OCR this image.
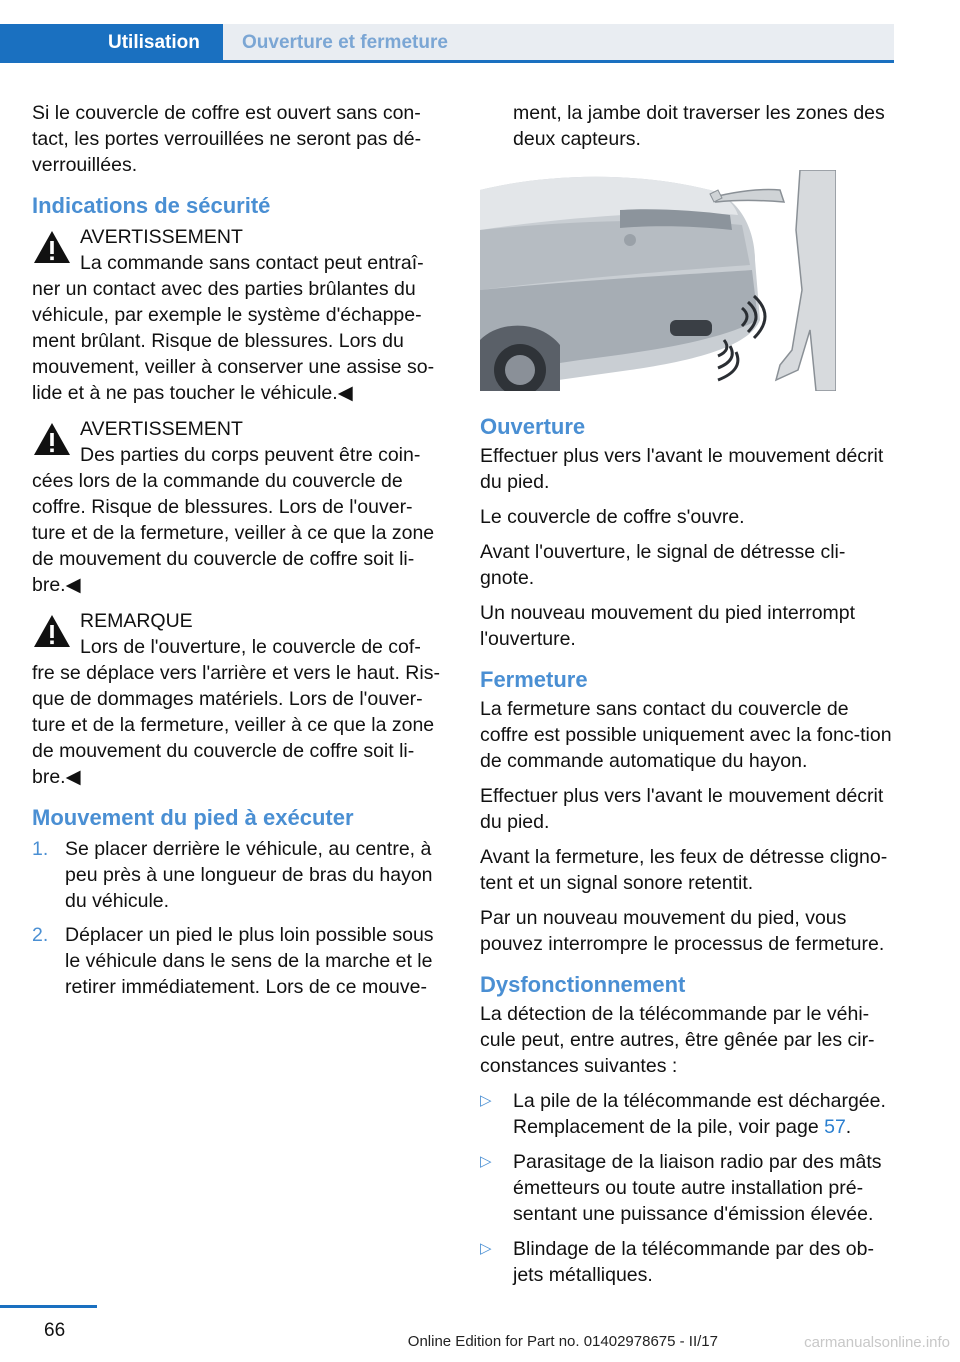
Utilisation	Ouverture et fermeture

Si le couvercle de coffre est ouvert sans con‐tact, les portes verrouillées ne seront pas dé‐verrouillées.

Indications de sécurité
AVERTISSEMENT
La commande sans contact peut entraî‐
ner un contact avec des parties brûlantes du véhicule, par exemple le système d'échappe‐ment brûlant. Risque de blessures. Lors du mouvement, veiller à conserver une assise so‐lide et à ne pas toucher le véhicule.◀
AVERTISSEMENT
Des parties du corps peuvent être coin‐
cées lors de la commande du couvercle de coffre. Risque de blessures. Lors de l'ouver‐ture et de la fermeture, veiller à ce que la zone de mouvement du couvercle de coffre soit li‐bre.◀
REMARQUE
Lors de l'ouverture, le couvercle de cof‐
fre se déplace vers l'arrière et vers le haut. Ris‐que de dommages matériels. Lors de l'ouver‐ture et de la fermeture, veiller à ce que la zone de mouvement du couvercle de coffre soit li‐bre.◀
Mouvement du pied à exécuter
1. Se placer derrière le véhicule, au centre, à peu près à une longueur de bras du hayon du véhicule.
2. Déplacer un pied le plus loin possible sous le véhicule dans le sens de la marche et le retirer immédiatement. Lors de ce mouve‐

ment, la jambe doit traverser les zones des deux capteurs.

Ouverture

Effectuer plus vers l'avant le mouvement décrit du pied.

Le couvercle de coffre s'ouvre.

Avant l'ouverture, le signal de détresse cli‐gnote.

Un nouveau mouvement du pied interrompt l'ouverture.

Fermeture

La fermeture sans contact du couvercle de coffre est possible uniquement avec la fonc‐tion de commande automatique du hayon.

Effectuer plus vers l'avant le mouvement décrit du pied.

Avant la fermeture, les feux de détresse cligno‐tent et un signal sonore retentit.

Par un nouveau mouvement du pied, vous pouvez interrompre le processus de fermeture.

Dysfonctionnement

La détection de la télécommande par le véhi‐cule peut, entre autres, être gênée par les cir‐constances suivantes :

▷ La pile de la télécommande est déchargée. Remplacement de la pile, voir page 57.
▷ Parasitage de la liaison radio par des mâts émetteurs ou toute autre installation pré‐sentant une puissance d'émission élevée.
▷ Blindage de la télécommande par des ob‐jets métalliques.
66
Online Edition for Part no. 01402978675 - II/17	carmanualsonline.info
